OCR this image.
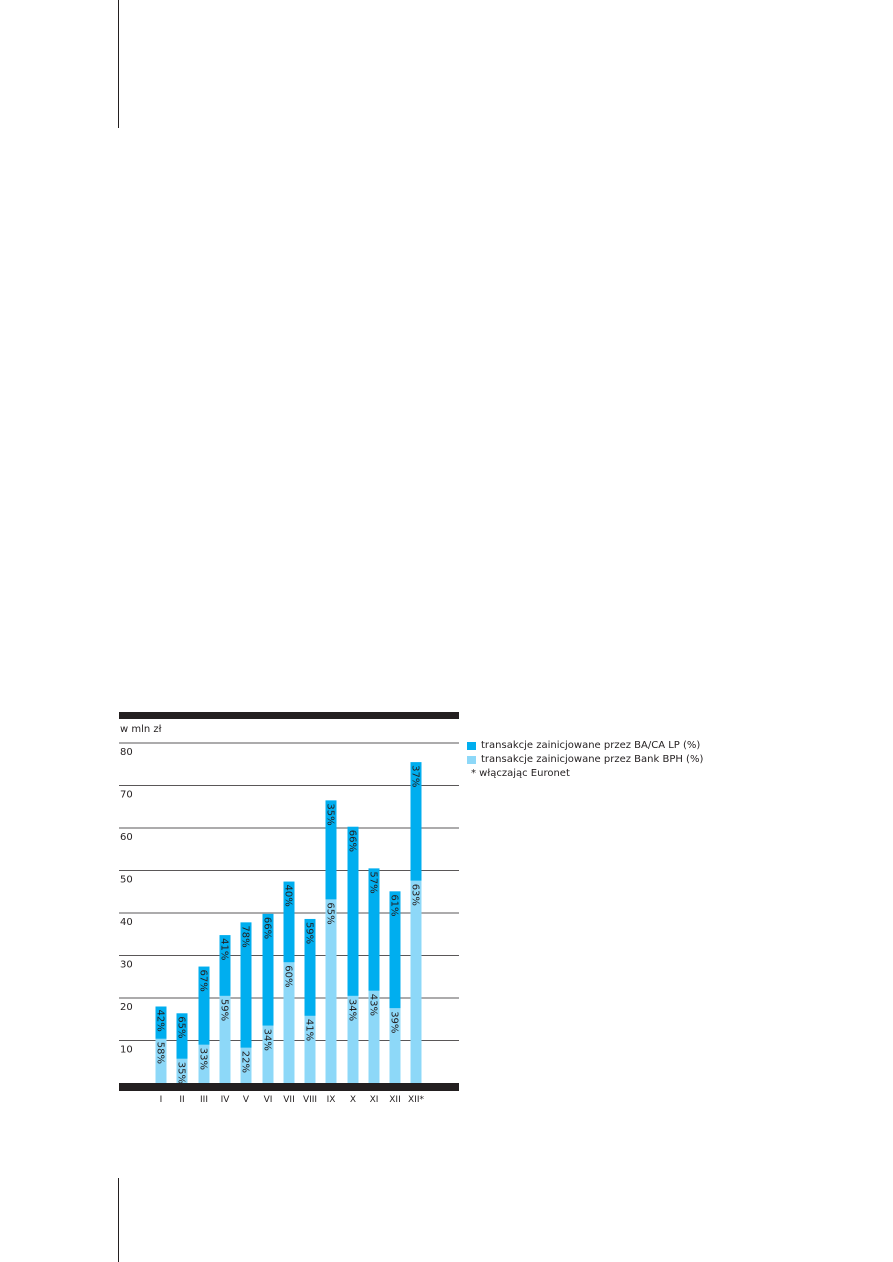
w mln zł
10
20
30
40
50
60
70
80
I II III IV V VI VII VIII IX X XI XII XII*
58%
42%
35%
65%
33%
67%
59%
41%
22%
78%
34%
66%
60%
40%
41%
59%
65%
35%
34%
66%
43%
57%
39%
61% 63%
37%
transakcje zainicjowane przez BA/CA LP (%)
transakcje zainicjowane przez Bank BPH (%)
* włączając Euronet
